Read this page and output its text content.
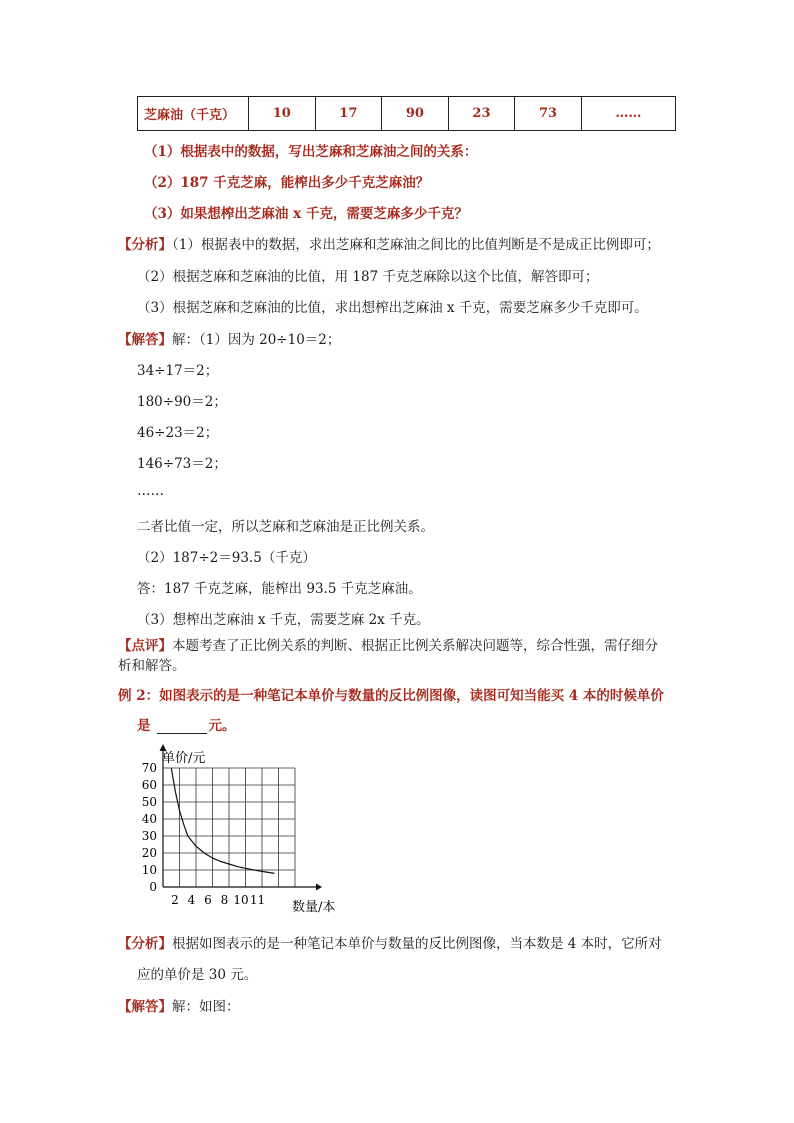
芝麻油（千克）	10	17	90	23	73	……
（1）根据表中的数据，写出芝麻和芝麻油之间的关系：
（2）187 千克芝麻，能榨出多少千克芝麻油？
（3）如果想榨出芝麻油 x 千克，需要芝麻多少千克？
【分析】（1）根据表中的数据，求出芝麻和芝麻油之间比的比值判断是不是成正比例即可；
（2）根据芝麻和芝麻油的比值，用 187 千克芝麻除以这个比值，解答即可；
（3）根据芝麻和芝麻油的比值，求出想榨出芝麻油 x 千克，需要芝麻多少千克即可。
【解答】解：（1）因为 20÷10＝2；
34÷17＝2；
180÷90＝2；
46÷23＝2；
146÷73＝2；
……
二者比值一定，所以芝麻和芝麻油是正比例关系。
（2）187÷2＝93.5（千克）
答：187 千克芝麻，能榨出 93.5 千克芝麻油。
（3）想榨出芝麻油 x 千克，需要芝麻 2x 千克。
【点评】本题考查了正比例关系的判断、根据正比例关系解决问题等，综合性强，需仔细分
析和解答。
例 2：如图表示的是一种笔记本单价与数量的反比例图像，读图可知当能买 4 本的时候单价
是	元。
0
10
20
30
40
50
60
70
2 4 6 8 10 11
单价/元
数量/本
【分析】根据如图表示的是一种笔记本单价与数量的反比例图像，当本数是 4 本时，它所对
应的单价是 30 元。
【解答】解：如图：
